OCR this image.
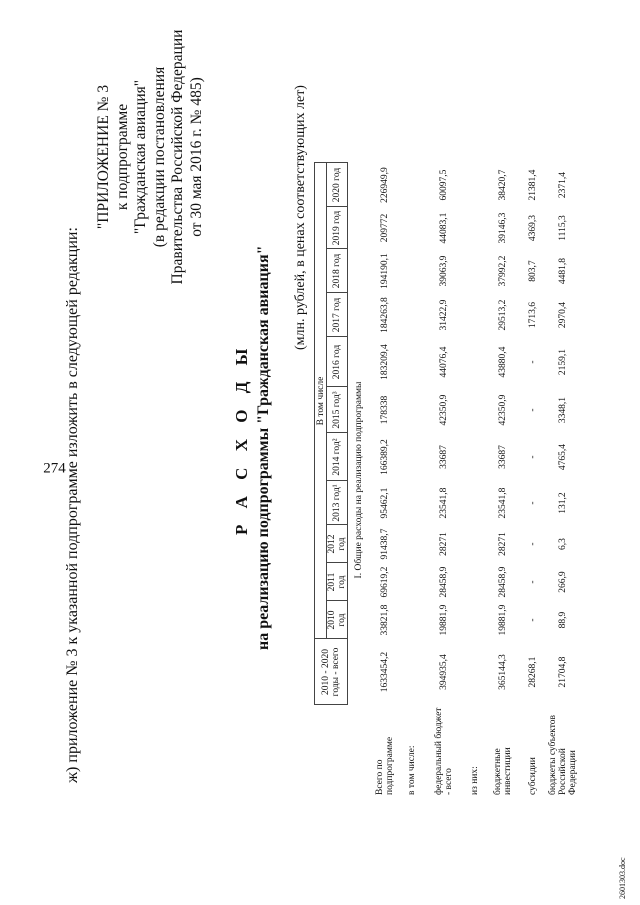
274
ж) приложение № 3 к указанной подпрограмме изложить в следующей редакции:
"ПРИЛОЖЕНИЕ № 3 к подпрограмме "Гражданская авиация" (в редакции постановления Правительства Российской Федерации от 30 мая 2016 г. № 485)
Р А С Х О Д Ы на реализацию подпрограммы "Гражданская авиация"
(млн. рублей, в ценах соответствующих лет)
	2010 - 2020 годы - всего	В том числе										
		2010 год	2011 год	2012 год	2013 год¹	2014 год²	2015 год³	2016 год	2017 год	2018 год	2019 год	2020 год
I. Общие расходы на реализацию подпрограммы												
Всего по подпрограмме	1633454,2	33821,8	69619,2	91438,7	95462,1	166389,2	178338	183209,4	184263,8	194190,1	209772	226949,9
в том числе:												
федеральный бюджет - всего	394935,4	19881,9	28458,9	28271	23541,8	33687	42350,9	44076,4	31422,9	39063,9	44083,1	60097,5
из них:												
бюджетные инвестиции	365144,3	19881,9	28458,9	28271	23541,8	33687	42350,9	43880,4	29513,2	37992,2	39146,3	38420,7
субсидии	28268,1	-	-	-	-	-	-	-	1713,6	803,7	4369,3	21381,4
бюджеты субъектов Российской Федерации	21704,8	88,9	266,9	6,3	131,2	4765,4	3348,1	2159,1	2970,4	4481,8	1115,3	2371,4
2601303.doc
